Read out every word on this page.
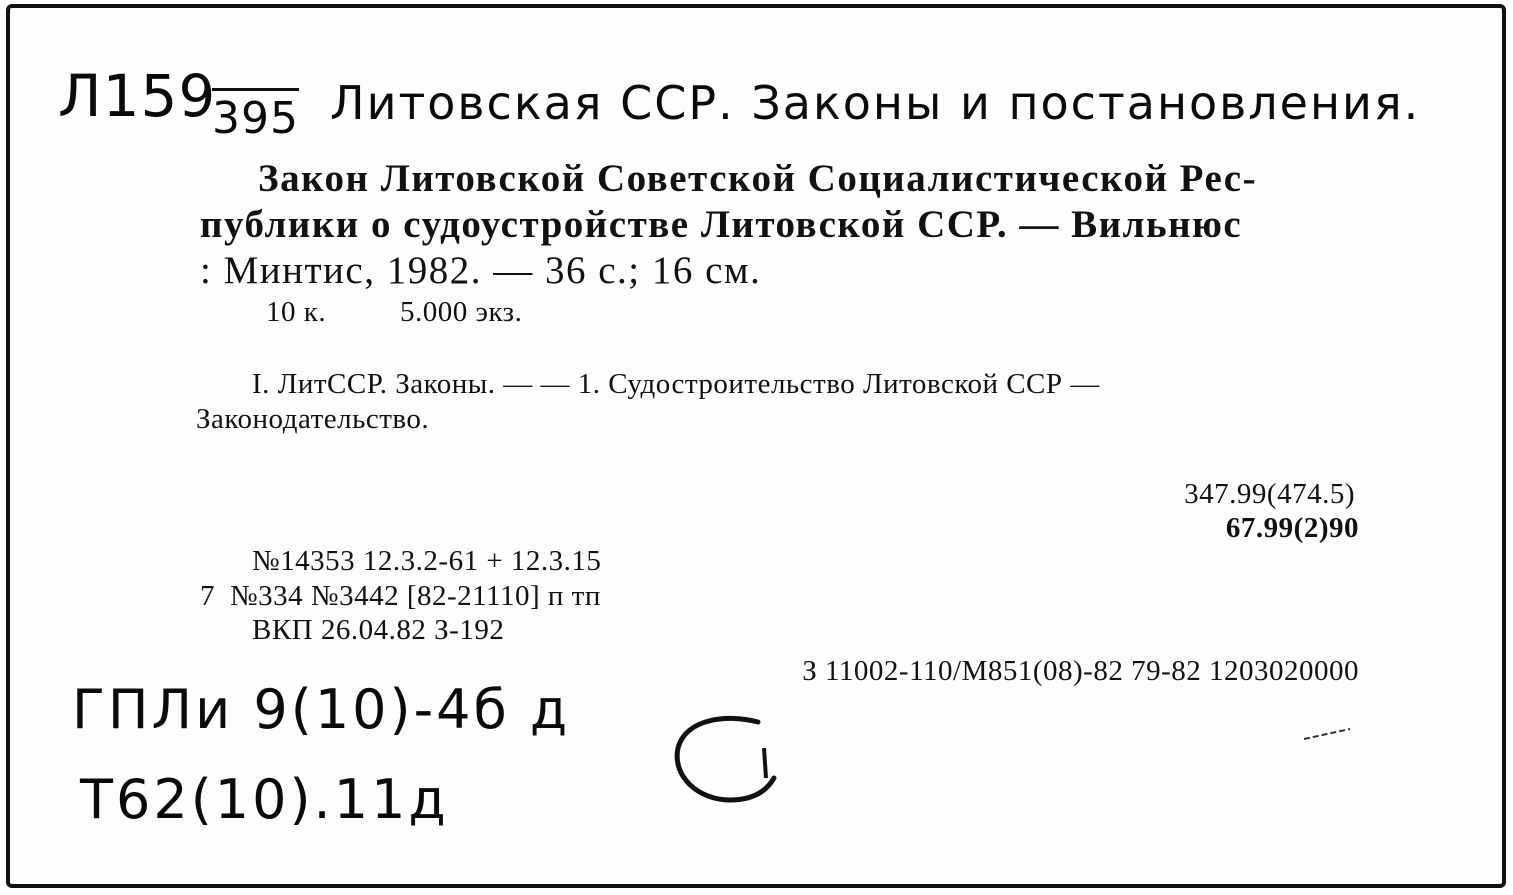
Л159
395 Литовская ССР. Законы и постановления.
Закон Литовской Советской Социалистической Рес-
публики о судоустройстве Литовской ССР. — Вильнюс
: Минтис, 1982. — 36 с.; 16 см.
10 к.	5.000 экз.
I. ЛитССР. Законы. — — 1. Судостроительство Литовской ССР —
Законодательство.
347.99(474.5)
67.99(2)90
№14353 12.3.2-61 + 12.3.15
7 №334 №3442 [82-21110] п тп
ВКП 26.04.82 З-192
З 11002-110/М851(08)-82 79-82 1203020000
ГПЛи 9(10)-4б д
Т62(10).11д
